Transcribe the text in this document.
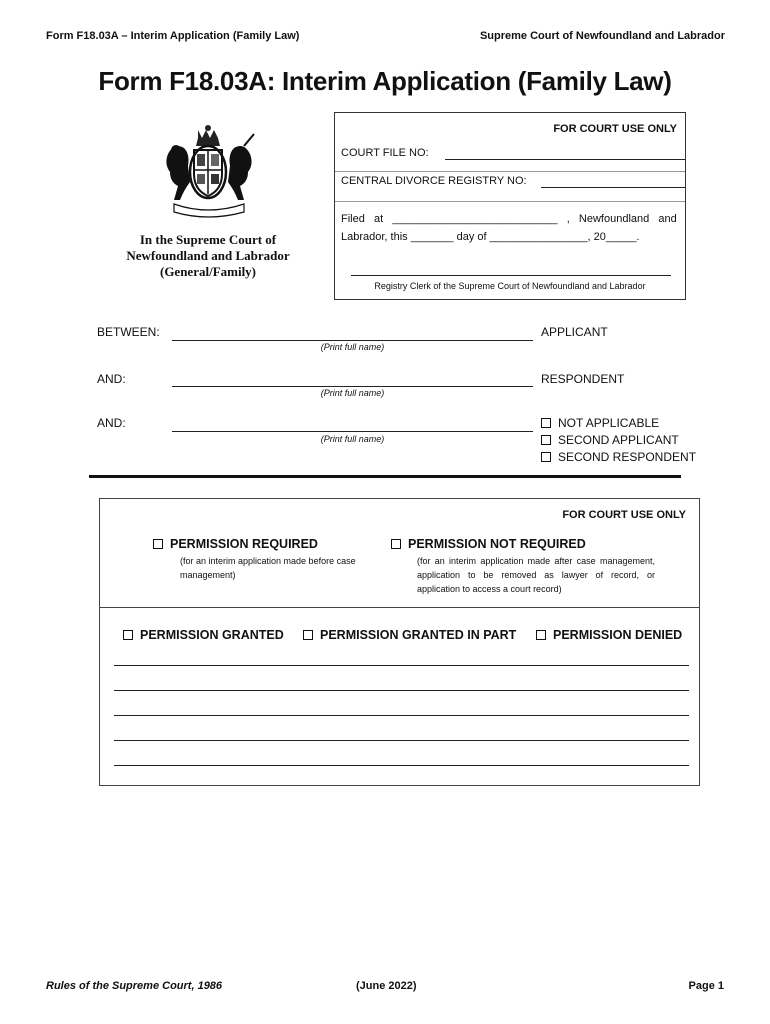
Form F18.03A – Interim Application (Family Law)	Supreme Court of Newfoundland and Labrador
Form F18.03A: Interim Application (Family Law)
In the Supreme Court of
Newfoundland and Labrador
(General/Family)
FOR COURT USE ONLY
COURT FILE NO:
CENTRAL DIVORCE REGISTRY NO:
Filed   at   ___________________________   ,   Newfoundland   and
Labrador, this _______ day of ________________, 20_____.
Registry Clerk of the Supreme Court of Newfoundland and Labrador
BETWEEN:
(Print full name)
APPLICANT
AND:
(Print full name)
RESPONDENT
AND:
(Print full name)
NOT APPLICABLE
SECOND APPLICANT
SECOND RESPONDENT
FOR COURT USE ONLY
PERMISSION REQUIRED
(for an interim application made before case management)
PERMISSION NOT REQUIRED
(for an interim application made after case management, application to be removed as lawyer of record, or application to access a court record)
PERMISSION GRANTED	PERMISSION GRANTED IN PART	PERMISSION DENIED
Rules of the Supreme Court, 1986	(June 2022)	Page 1
